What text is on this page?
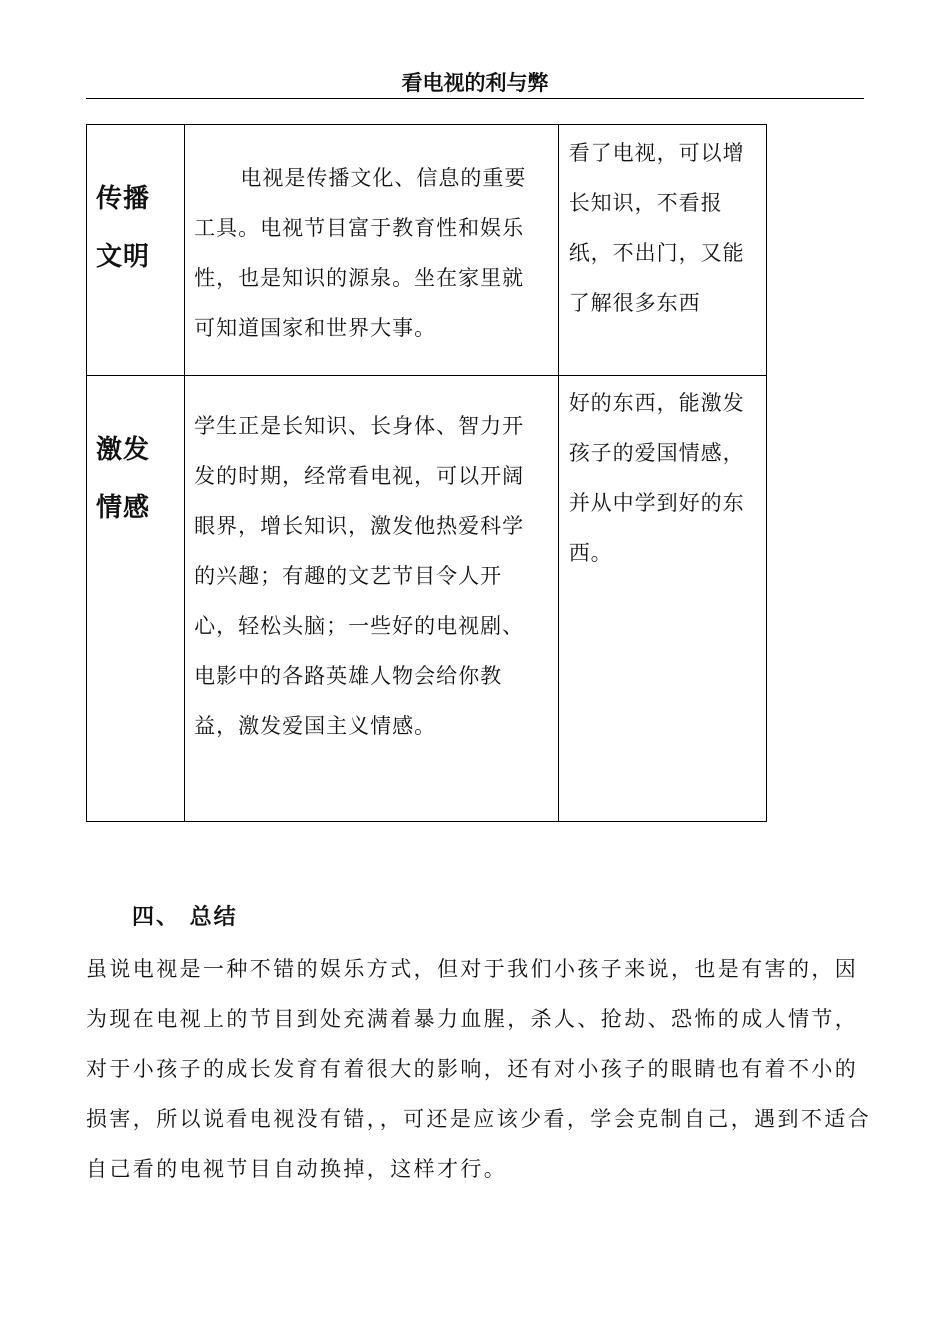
看电视的利与弊
传播
文明	电视是传播文化、信息的重要工具。电视节目富于教育性和娱乐性，也是知识的源泉。坐在家里就可知道国家和世界大事。	看了电视，可以增长知识，不看报纸，不出门，又能了解很多东西

激发
情感	学生正是长知识、长身体、智力开发的时期，经常看电视，可以开阔眼界，增长知识，激发他热爱科学的兴趣；有趣的文艺节目令人开心，轻松头脑；一些好的电视剧、电影中的各路英雄人物会给你教益，激发爱国主义情感。	好的东西，能激发孩子的爱国情感，并从中学到好的东西。
四、 总结
虽说电视是一种不错的娱乐方式，但对于我们小孩子来说，也是有害的，因为现在电视上的节目到处充满着暴力血腥，杀人、抢劫、恐怖的成人情节，对于小孩子的成长发育有着很大的影响，还有对小孩子的眼睛也有着不小的损害，所以说看电视没有错，，可还是应该少看，学会克制自己，遇到不适合自己看的电视节目自动换掉，这样才行。
